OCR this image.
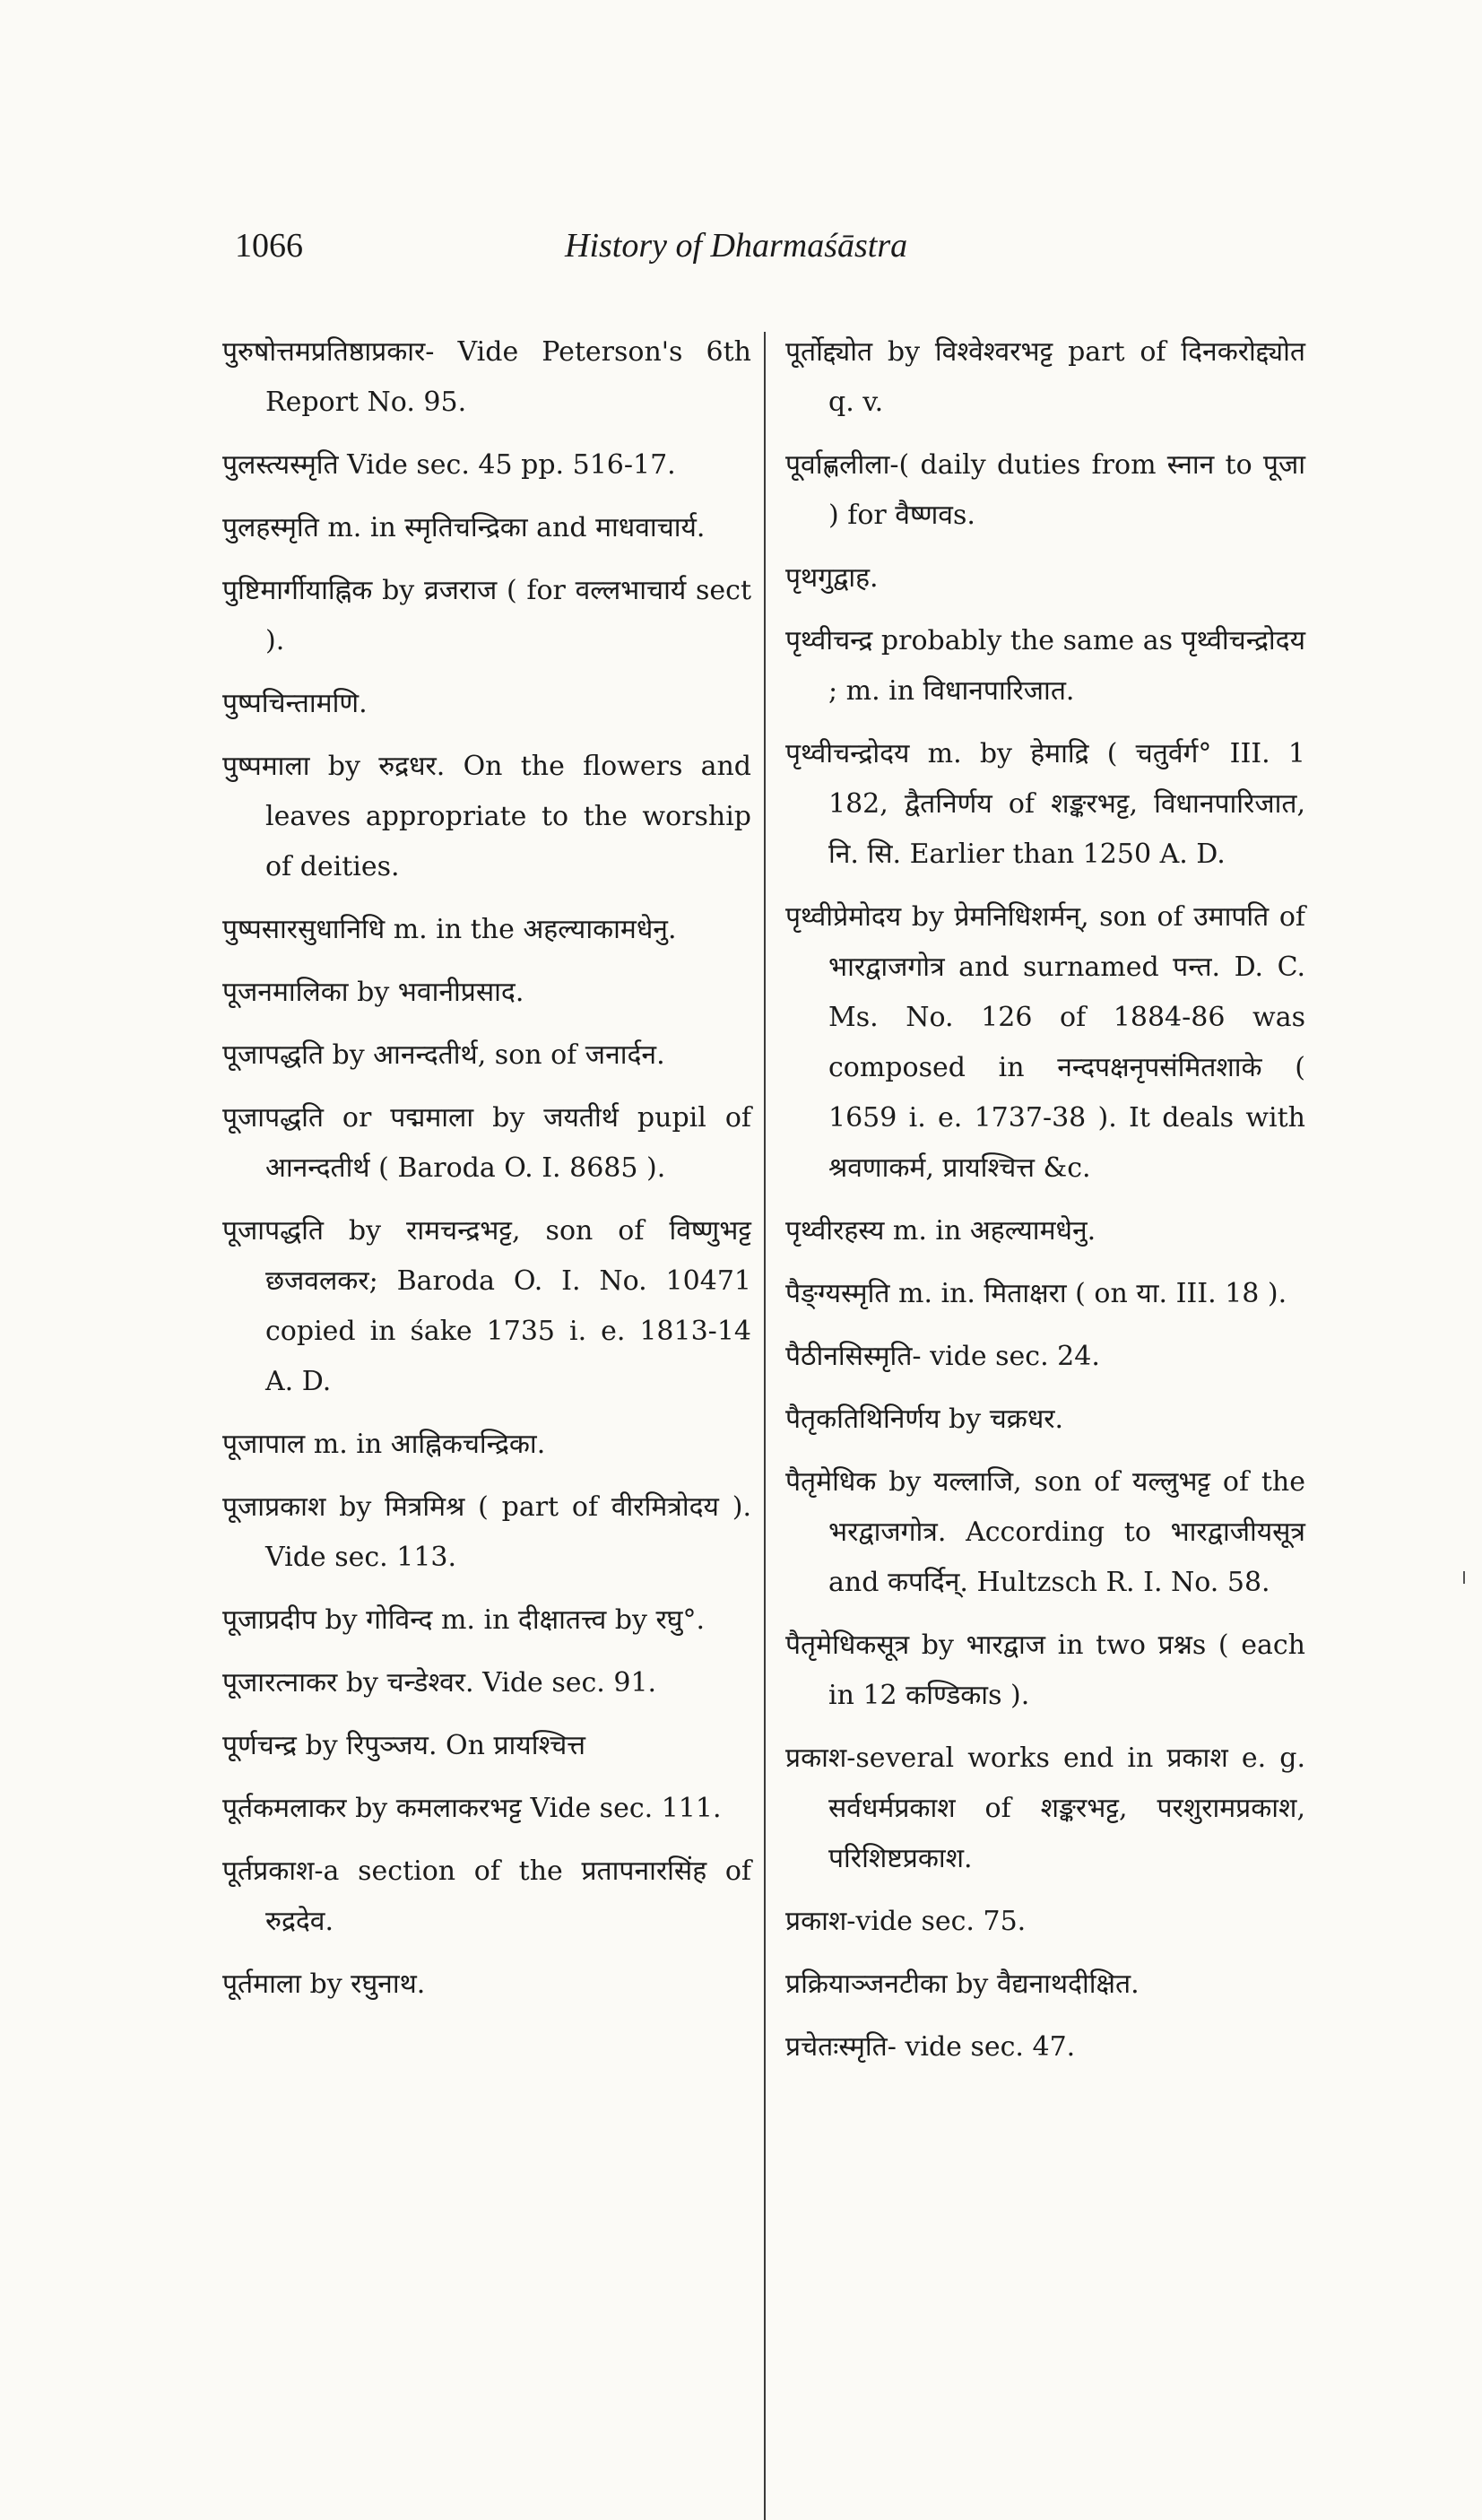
1066	History of Dharmaśāstra

पुरुषोत्तमप्रतिष्ठाप्रकार- Vide Peterson's 6th Report No. 95.

पुलस्त्यस्मृति Vide sec. 45 pp. 516-17.

पुलहस्मृति m. in स्मृतिचन्द्रिका and माधवाचार्य.

पुष्टिमार्गीयाह्निक by व्रजराज ( for वल्लभाचार्य sect ).

पुष्पचिन्तामणि.

पुष्पमाला by रुद्रधर. On the flowers and leaves appropriate to the worship of deities.

पुष्पसारसुधानिधि m. in the अहल्याकामधेनु.

पूजनमालिका by भवानीप्रसाद.

पूजापद्धति by आनन्दतीर्थ, son of जनार्दन.

पूजापद्धति or पद्ममाला by जयतीर्थ pupil of आनन्दतीर्थ ( Baroda O. I. 8685 ).

पूजापद्धति by रामचन्द्रभट्ट, son of विष्णुभट्ट छजवलकर; Baroda O. I. No. 10471 copied in śake 1735 i. e. 1813-14 A. D.

पूजापाल m. in आह्निकचन्द्रिका.

पूजाप्रकाश by मित्रमिश्र ( part of वीरमित्रोदय ). Vide sec. 113.

पूजाप्रदीप by गोविन्द m. in दीक्षातत्त्व by रघु°.

पूजारत्नाकर by चन्डेश्वर. Vide sec. 91.

पूर्णचन्द्र by रिपुञ्जय. On प्रायश्चित्त

पूर्तकमलाकर by कमलाकरभट्ट Vide sec. 111.

पूर्तप्रकाश-a section of the प्रतापनारसिंह of रुद्रदेव.

पूर्तमाला by रघुनाथ.

पूर्तोद्द्योत by विश्वेश्वरभट्ट part of दिनकरोद्द्योत q. v.

पूर्वाह्णलीला-( daily duties from स्नान to पूजा ) for वैष्णवs.

पृथगुद्वाह.

पृथ्वीचन्द्र probably the same as पृथ्वीचन्द्रोदय ; m. in विधानपारिजात.

पृथ्वीचन्द्रोदय m. by हेमाद्रि ( चतुर्वर्ग° III. 1 182, द्वैतनिर्णय of शङ्करभट्ट, विधानपारिजात, नि. सि. Earlier than 1250 A. D.

पृथ्वीप्रेमोदय by प्रेमनिधिशर्मन्, son of उमापति of भारद्वाजगोत्र and surnamed पन्त. D. C. Ms. No. 126 of 1884-86 was composed in नन्दपक्षनृपसंमितशाके ( 1659 i. e. 1737-38 ). It deals with श्रवणाकर्म, प्रायश्चित्त &c.

पृथ्वीरहस्य m. in अहल्यामधेनु.

पैङ्ग्यस्मृति m. in. मिताक्षरा ( on या. III. 18 ).

पैठीनसिस्मृति- vide sec. 24.

पैतृकतिथिनिर्णय by चक्रधर.

पैतृमेधिक by यल्लाजि, son of यल्लुभट्ट of the भरद्वाजगोत्र. According to भारद्वाजीयसूत्र and कपर्दिन्. Hultzsch R. I. No. 58.

पैतृमेधिकसूत्र by भारद्वाज in two प्रश्नs ( each in 12 कण्डिकाs ).

प्रकाश-several works end in प्रकाश e. g. सर्वधर्मप्रकाश of शङ्करभट्ट, परशुरामप्रकाश, परिशिष्टप्रकाश.

प्रकाश-vide sec. 75.

प्रक्रियाञ्जनटीका by वैद्यनाथदीक्षित.

प्रचेतःस्मृति- vide sec. 47.
